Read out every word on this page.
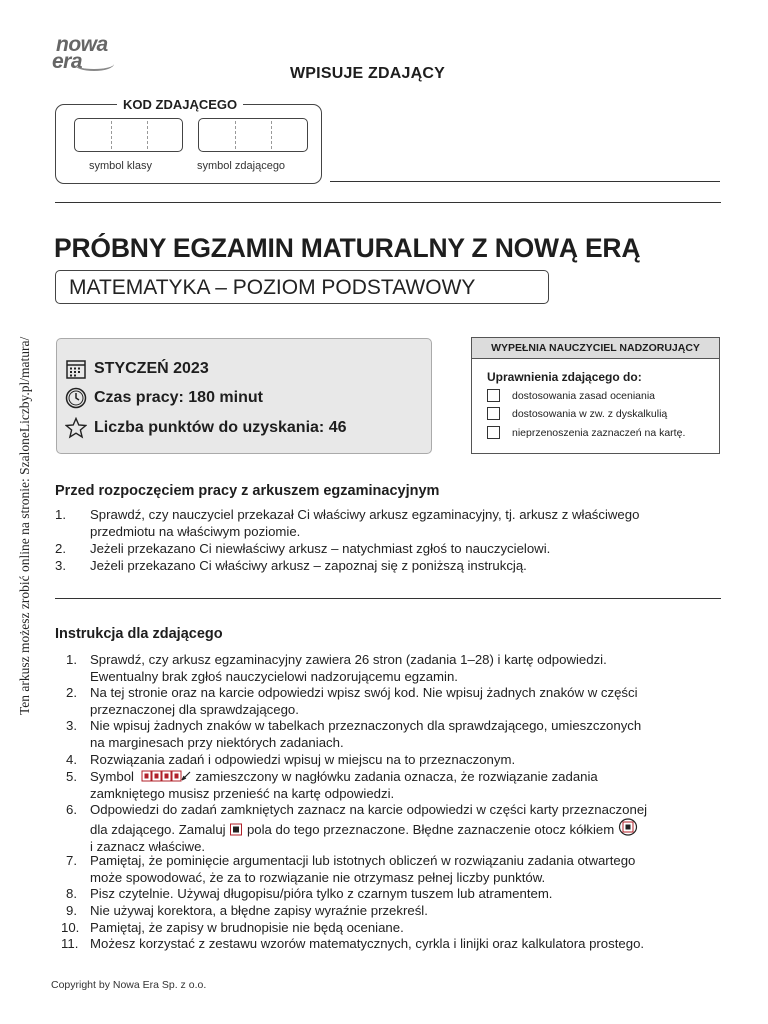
nowa
era
WPISUJE ZDAJĄCY
KOD ZDAJĄCEGO
symbol klasy	symbol zdającego
PRÓBNY EGZAMIN MATURALNY Z NOWĄ ERĄ
MATEMATYKA – POZIOM PODSTAWOWY
Ten arkusz możesz zrobić online na stronie: SzaloneLiczby.pl/matura/	STYCZEŃ 2023
Czas pracy: 180 minut
Liczba punktów do uzyskania: 46
WYPEŁNIA NAUCZYCIEL NADZORUJĄCY
Uprawnienia zdającego do:
dostosowania zasad oceniania
dostosowania w zw. z dyskalkulią
nieprzenoszenia zaznaczeń na kartę.
Przed rozpoczęciem pracy z arkuszem egzaminacyjnym
1. Sprawdź, czy nauczyciel przekazał Ci właściwy arkusz egzaminacyjny, tj. arkusz z właściwego
przedmiotu na właściwym poziomie.
2. Jeżeli przekazano Ci niewłaściwy arkusz – natychmiast zgłoś to nauczycielowi.
3. Jeżeli przekazano Ci właściwy arkusz – zapoznaj się z poniższą instrukcją.
Instrukcja dla zdającego
1. Sprawdź, czy arkusz egzaminacyjny zawiera 26 stron (zadania 1–28) i kartę odpowiedzi.
Ewentualny brak zgłoś nauczycielowi nadzorującemu egzamin.
2. Na tej stronie oraz na karcie odpowiedzi wpisz swój kod. Nie wpisuj żadnych znaków w części
przeznaczonej dla sprawdzającego.
3. Nie wpisuj żadnych znaków w tabelkach przeznaczonych dla sprawdzającego, umieszczonych
na marginesach przy niektórych zadaniach.
4. Rozwiązania zadań i odpowiedzi wpisuj w miejscu na to przeznaczonym.
5. Symbol	zamieszczony w nagłówku zadania oznacza, że rozwiązanie zadania
zamkniętego musisz przenieść na kartę odpowiedzi.
6. Odpowiedzi do zadań zamkniętych zaznacz na karcie odpowiedzi w części karty przeznaczonej
dla zdającego. Zamaluj  pola do tego przeznaczone. Błędne zaznaczenie otocz kółkiem
i zaznacz właściwe.
7. Pamiętaj, że pominięcie argumentacji lub istotnych obliczeń w rozwiązaniu zadania otwartego
może spowodować, że za to rozwiązanie nie otrzymasz pełnej liczby punktów.
8. Pisz czytelnie. Używaj długopisu/pióra tylko z czarnym tuszem lub atramentem.
9. Nie używaj korektora, a błędne zapisy wyraźnie przekreśl.
10. Pamiętaj, że zapisy w brudnopisie nie będą oceniane.
11. Możesz korzystać z zestawu wzorów matematycznych, cyrkla i linijki oraz kalkulatora prostego.
Copyright by Nowa Era Sp. z o.o.
